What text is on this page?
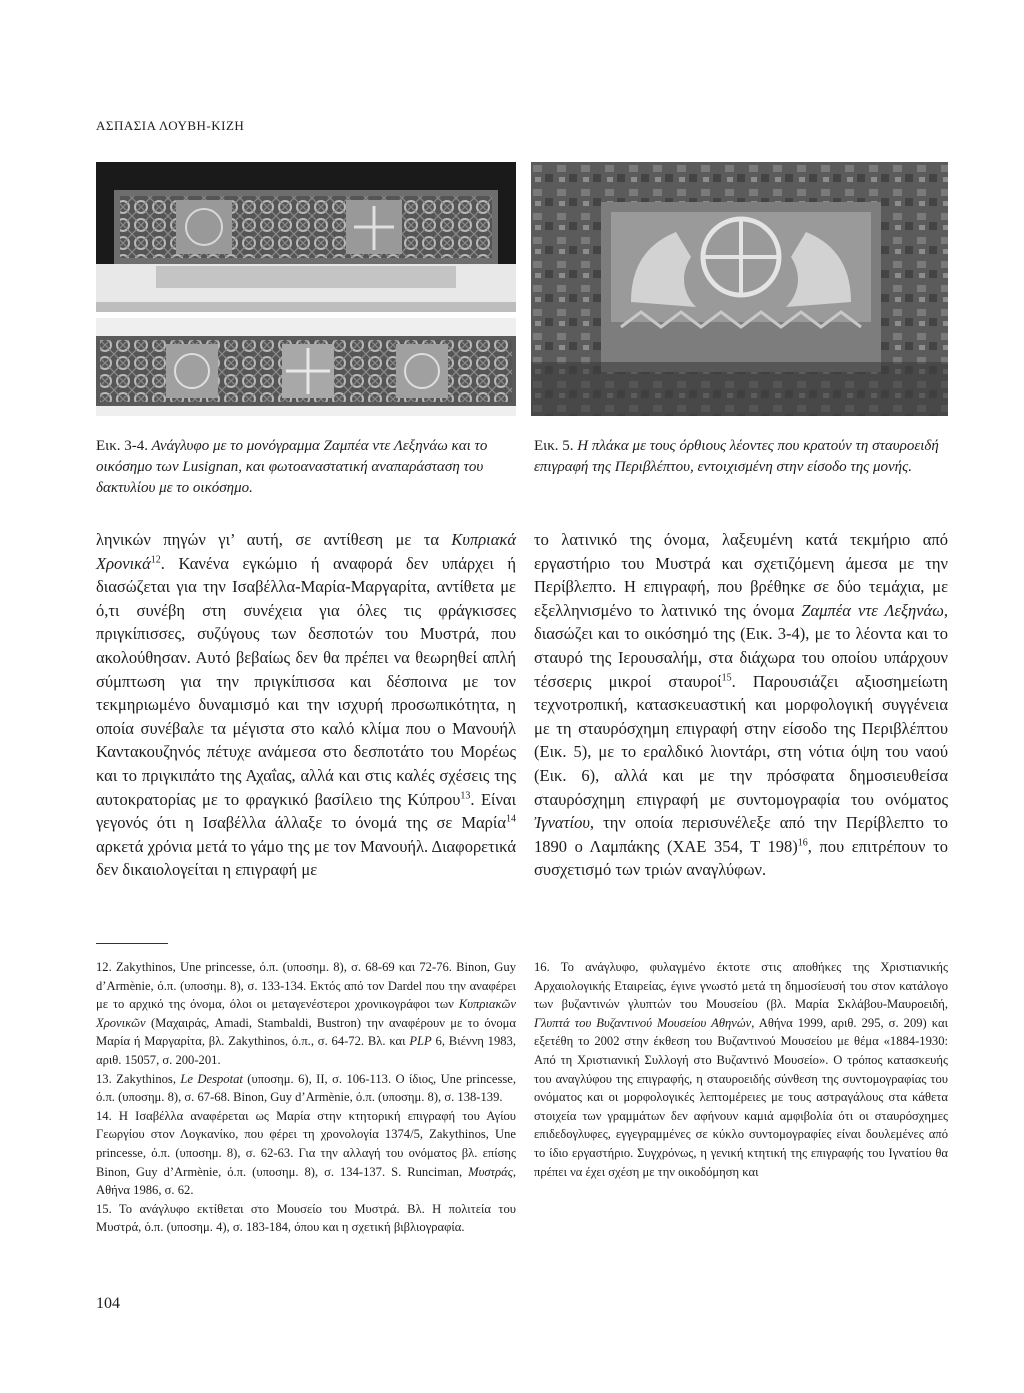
ΑΣΠΑΣΙΑ ΛΟΥΒΗ-ΚΙΖΗ
Εικ. 3-4. Ανάγλυφο με το μονόγραμμα Ζαμπέα ντε Λεξηνάω και το οικόσημο των Lusignan, και φωτοαναστατική αναπαράσταση του δακτυλίου με το οικόσημο.
Εικ. 5. Η πλάκα με τους όρθιους λέοντες που κρατούν τη σταυροειδή επιγραφή της Περιβλέπτου, εντοιχισμένη στην είσοδο της μονής.

ληνικών πηγών γι’ αυτή, σε αντίθεση με τα Κυπριακά Χρονικά$^{12}$. Κανένα εγκώμιο ή αναφορά δεν υπάρχει ή διασώζεται για την Ισαβέλλα-Μαρία-Μαργαρίτα, αντίθετα με ό,τι συνέβη στη συνέχεια για όλες τις φράγκισσες πριγκίπισσες, συζύγους των δεσποτών του Μυστρά, που ακολούθησαν. Αυτό βεβαίως δεν θα πρέπει να θεωρηθεί απλή σύμπτωση για την πριγκίπισσα και δέσποινα με τον τεκμηριωμένο δυναμισμό και την ισχυρή προσωπικότητα, η οποία συνέβαλε τα μέγιστα στο καλό κλίμα που ο Μανουήλ Καντακουζηνός πέτυχε ανάμεσα στο δεσποτάτο του Μορέως και το πριγκιπάτο της Αχαΐας, αλλά και στις καλές σχέσεις της αυτοκρατορίας με το φραγκικό βασίλειο της Κύπρου$^{13}$. Είναι γεγονός ότι η Ισαβέλλα άλλαξε το όνομά της σε Μαρία$^{14}$ αρκετά χρόνια μετά το γάμο της με τον Μανουήλ. Διαφορετικά δεν δικαιολογείται η επιγραφή με

το λατινικό της όνομα, λαξευμένη κατά τεκμήριο από εργαστήριο του Μυστρά και σχετιζόμενη άμεσα με την Περίβλεπτο. Η επιγραφή, που βρέθηκε σε δύο τεμάχια, με εξελληνισμένο το λατινικό της όνομα Ζαμπέα ντε Λεξηνάω, διασώζει και το οικόσημό της (Εικ. 3-4), με το λέοντα και το σταυρό της Ιερουσαλήμ, στα διάχωρα του οποίου υπάρχουν τέσσερις μικροί σταυροί$^{15}$. Παρουσιάζει αξιοσημείωτη τεχνοτροπική, κατασκευαστική και μορφολογική συγγένεια με τη σταυρόσχημη επιγραφή στην είσοδο της Περιβλέπτου (Εικ. 5), με το εραλδικό λιοντάρι, στη νότια όψη του ναού (Εικ. 6), αλλά και με την πρόσφατα δημοσιευθείσα σταυρόσχημη επιγραφή με συντομογραφία του ονόματος Ἰγνατίου, την οποία περισυνέλεξε από την Περίβλεπτο το 1890 ο Λαμπάκης (ΧΑΕ 354, Τ 198)$^{16}$, που επιτρέπουν το συσχετισμό των τριών αναγλύφων.

12. Zakythinos, Une princesse, ό.π. (υποσημ. 8), σ. 68-69 και 72-76. Binon, Guy d’Armènie, ό.π. (υποσημ. 8), σ. 133-134. Εκτός από τον Dardel που την αναφέρει με το αρχικό της όνομα, όλοι οι μεταγενέστεροι χρονικογράφοι των Κυπριακῶν Χρονικῶν (Μαχαιράς, Amadi, Stambaldi, Bustron) την αναφέρουν με το όνομα Μαρία ή Μαργαρίτα, βλ. Zakythinos, ό.π., σ. 64-72. Βλ. και PLP 6, Βιέννη 1983, αριθ. 15057, σ. 200-201.

13. Zakythinos, Le Despotat (υποσημ. 6), II, σ. 106-113. Ο ίδιος, Une princesse, ό.π. (υποσημ. 8), σ. 67-68. Binon, Guy d’Armènie, ό.π. (υποσημ. 8), σ. 138-139.

14. Η Ισαβέλλα αναφέρεται ως Μαρία στην κτητορική επιγραφή του Αγίου Γεωργίου στον Λογκανίκο, που φέρει τη χρονολογία 1374/5, Zakythinos, Une princesse, ό.π. (υποσημ. 8), σ. 62-63. Για την αλλαγή του ονόματος βλ. επίσης Binon, Guy d’Armènie, ό.π. (υποσημ. 8), σ. 134-137. S. Runciman, Μυστράς, Αθήνα 1986, σ. 62.

15. Το ανάγλυφο εκτίθεται στο Μουσείο του Μυστρά. Βλ. Η πολιτεία του Μυστρά, ό.π. (υποσημ. 4), σ. 183-184, όπου και η σχετική βιβλιογραφία.

16. Το ανάγλυφο, φυλαγμένο έκτοτε στις αποθήκες της Χριστιανικής Αρχαιολογικής Εταιρείας, έγινε γνωστό μετά τη δημοσίευσή του στον κατάλογο των βυζαντινών γλυπτών του Μουσείου (βλ. Μαρία Σκλάβου-Μαυροειδή, Γλυπτά του Βυζαντινού Μουσείου Αθηνών, Αθήνα 1999, αριθ. 295, σ. 209) και εξετέθη το 2002 στην έκθεση του Βυζαντινού Μουσείου με θέμα «1884-1930: Από τη Χριστιανική Συλλογή στο Βυζαντινό Μουσείο». Ο τρόπος κατασκευής του αναγλύφου της επιγραφής, η σταυροειδής σύνθεση της συντομογραφίας του ονόματος και οι μορφολογικές λεπτομέρειες με τους αστραγάλους στα κάθετα στοιχεία των γραμμάτων δεν αφήνουν καμιά αμφιβολία ότι οι σταυρόσχημες επιδεδογλυφες, εγγεγραμμένες σε κύκλο συντομογραφίες είναι δουλεμένες από το ίδιο εργαστήριο. Συγχρόνως, η γενική κτητική της επιγραφής του Ιγνατίου θα πρέπει να έχει σχέση με την οικοδόμηση και

104
